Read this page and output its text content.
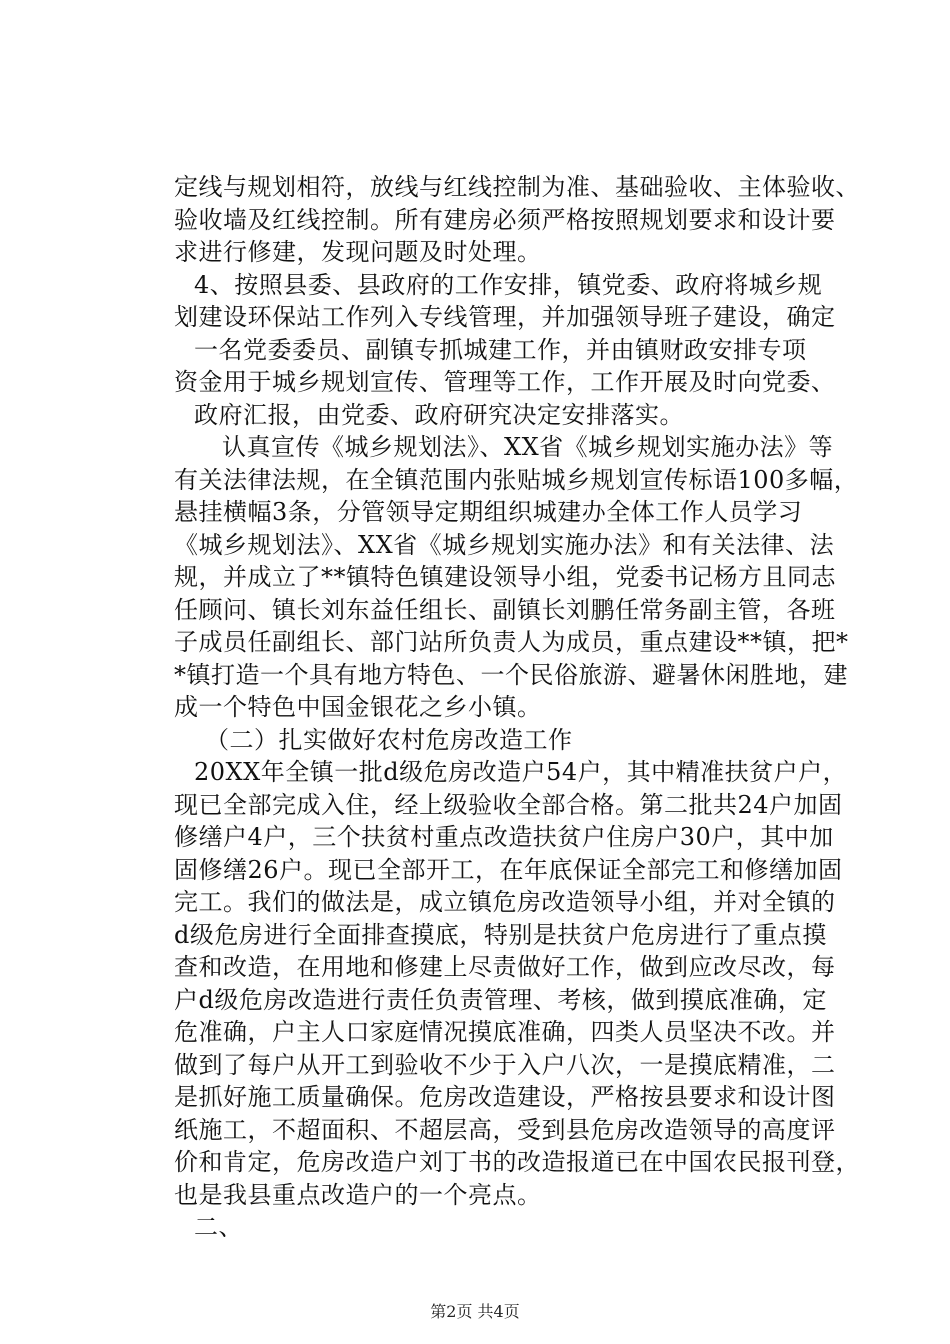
定线与规划相符，放线与红线控制为准、基础验收、主体验收、
验收墙及红线控制。所有建房必须严格按照规划要求和设计要
求进行修建，发现问题及时处理。
4、按照县委、县政府的工作安排，镇党委、政府将城乡规
划建设环保站工作列入专线管理，并加强领导班子建设，确定
一名党委委员、副镇专抓城建工作，并由镇财政安排专项
资金用于城乡规划宣传、管理等工作，工作开展及时向党委、
政府汇报，由党委、政府研究决定安排落实。
认真宣传《城乡规划法》、XX省《城乡规划实施办法》等
有关法律法规，在全镇范围内张贴城乡规划宣传标语100多幅，
悬挂横幅3条，分管领导定期组织城建办全体工作人员学习
《城乡规划法》、XX省《城乡规划实施办法》和有关法律、法
规，并成立了**镇特色镇建设领导小组，党委书记杨方且同志
任顾问、镇长刘东益任组长、副镇长刘鹏任常务副主管，各班
子成员任副组长、部门站所负责人为成员，重点建设**镇，把*
*镇打造一个具有地方特色、一个民俗旅游、避暑休闲胜地，建
成一个特色中国金银花之乡小镇。
（二）扎实做好农村危房改造工作
20XX年全镇一批d级危房改造户54户，其中精准扶贫户户，
现已全部完成入住，经上级验收全部合格。第二批共24户加固
修缮户4户，三个扶贫村重点改造扶贫户住房户30户，其中加
固修缮26户。现已全部开工，在年底保证全部完工和修缮加固
完工。我们的做法是，成立镇危房改造领导小组，并对全镇的
d级危房进行全面排查摸底，特别是扶贫户危房进行了重点摸
查和改造，在用地和修建上尽责做好工作，做到应改尽改，每
户d级危房改造进行责任负责管理、考核，做到摸底准确，定
危准确，户主人口家庭情况摸底准确，四类人员坚决不改。并
做到了每户从开工到验收不少于入户八次，一是摸底精准，二
是抓好施工质量确保。危房改造建设，严格按县要求和设计图
纸施工，不超面积、不超层高，受到县危房改造领导的高度评
价和肯定，危房改造户刘丁书的改造报道已在中国农民报刊登，
也是我县重点改造户的一个亮点。
二、
第2页 共4页
